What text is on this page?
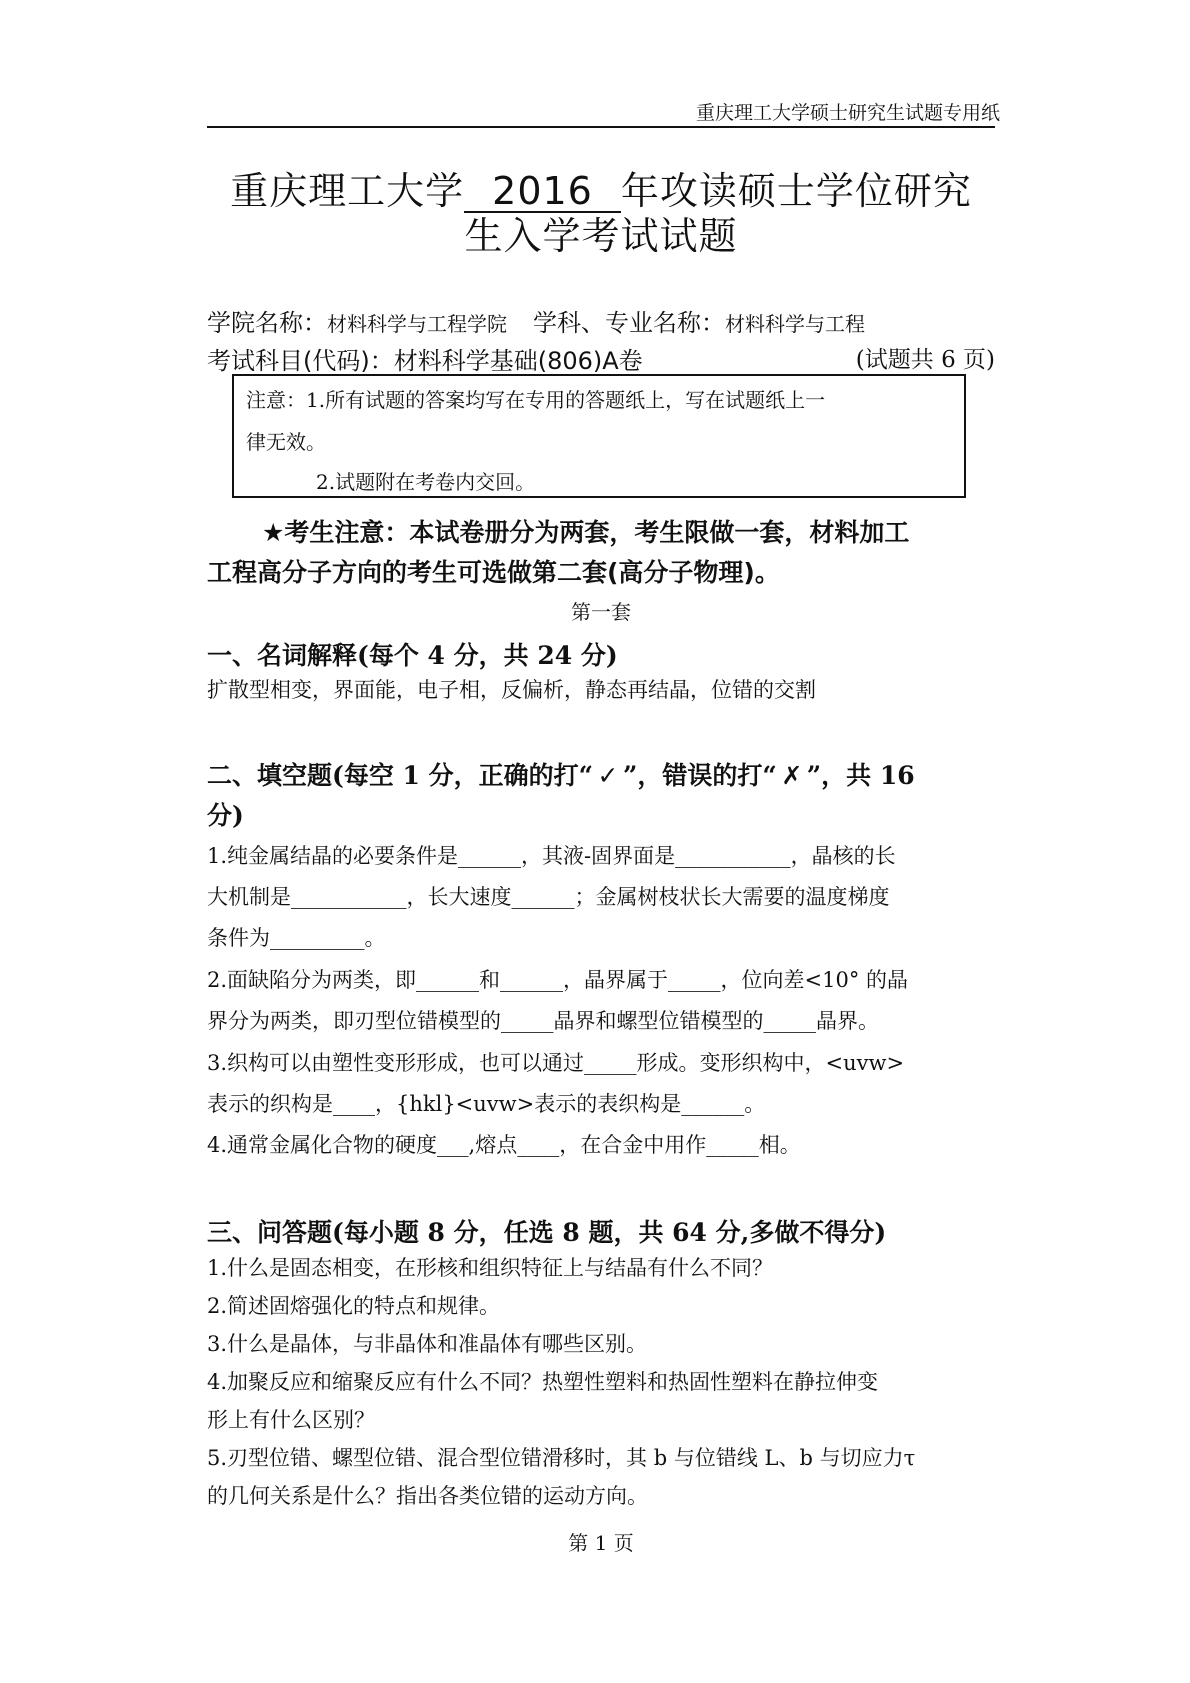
重庆理工大学硕士研究生试题专用纸
重庆理工大学 2016 年攻读硕士学位研究
生入学考试试题
学院名称：材料科学与工程学院 学科、专业名称：材料科学与工程
考试科目(代码)：材料科学基础(806)A卷	(试题共 6 页)
注意：1.所有试题的答案均写在专用的答题纸上，写在试题纸上一
律无效。
2.试题附在考卷内交回。
★考生注意：本试卷册分为两套，考生限做一套，材料加工
工程高分子方向的考生可选做第二套(高分子物理)。
第一套
一、名词解释(每个 4 分，共 24 分)
扩散型相变，界面能，电子相，反偏析，静态再结晶，位错的交割
二、填空题(每空 1 分，正确的打“ ✓ ”，错误的打“ ✗ ”，共 16
分)
1.纯金属结晶的必要条件是______，其液-固界面是___________，晶核的长
大机制是___________，长大速度______；金属树枝状长大需要的温度梯度
条件为_________。
2.面缺陷分为两类，即______和______，晶界属于_____，位向差<10° 的晶
界分为两类，即刃型位错模型的_____晶界和螺型位错模型的_____晶界。
3.织构可以由塑性变形形成，也可以通过_____形成。变形织构中，<uvw>
表示的织构是____，{hkl}<uvw>表示的表织构是______。
4.通常金属化合物的硬度___,熔点____，在合金中用作_____相。
三、问答题(每小题 8 分，任选 8 题，共 64 分,多做不得分)
1.什么是固态相变，在形核和组织特征上与结晶有什么不同？
2.简述固熔强化的特点和规律。
3.什么是晶体，与非晶体和准晶体有哪些区别。
4.加聚反应和缩聚反应有什么不同？热塑性塑料和热固性塑料在静拉伸变
形上有什么区别？
5.刃型位错、螺型位错、混合型位错滑移时，其 b 与位错线 L、b 与切应力τ
的几何关系是什么？指出各类位错的运动方向。
第 1 页
